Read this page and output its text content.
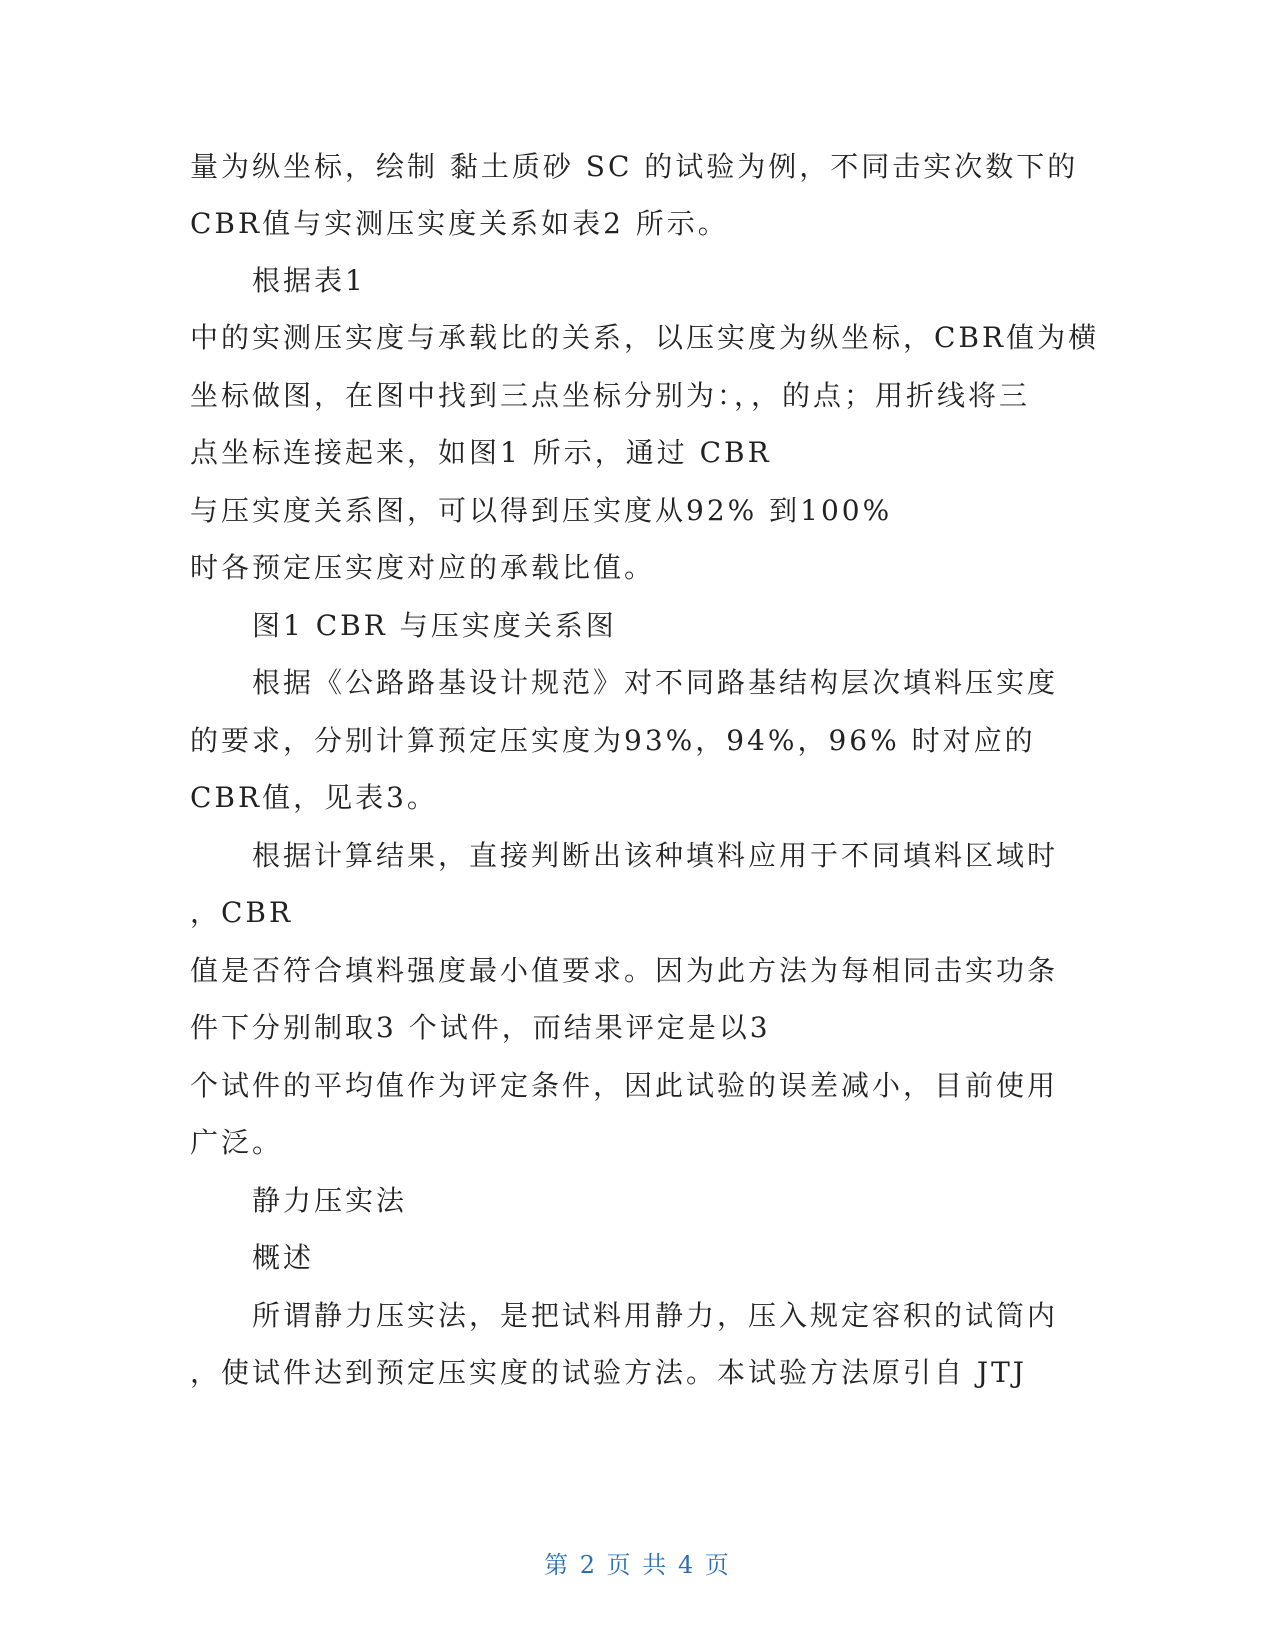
量为纵坐标，绘制 黏土质砂 SC 的试验为例，不同击实次数下的
CBR值与实测压实度关系如表2 所示。
根据表1
中的实测压实度与承载比的关系，以压实度为纵坐标，CBR值为横
坐标做图，在图中找到三点坐标分别为：，，的点；用折线将三
点坐标连接起来，如图1 所示，通过 CBR
与压实度关系图，可以得到压实度从92% 到100%
时各预定压实度对应的承载比值。
图1 CBR 与压实度关系图
根据《公路路基设计规范》对不同路基结构层次填料压实度
的要求，分别计算预定压实度为93%，94%，96% 时对应的
CBR值，见表3。
根据计算结果，直接判断出该种填料应用于不同填料区域时
，CBR
值是否符合填料强度最小值要求。因为此方法为每相同击实功条
件下分别制取3 个试件，而结果评定是以3
个试件的平均值作为评定条件，因此试验的误差减小，目前使用
广泛。
静力压实法
概述
所谓静力压实法，是把试料用静力，压入规定容积的试筒内
，使试件达到预定压实度的试验方法。本试验方法原引自 JTJ
第 2 页 共 4 页
